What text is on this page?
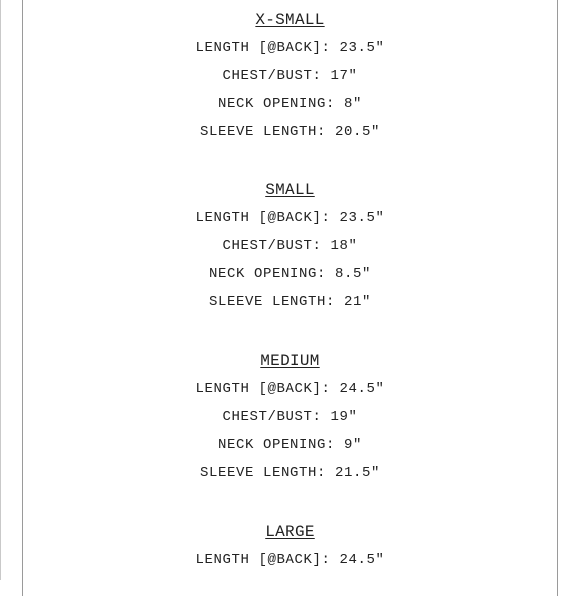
X-SMALL
LENGTH [@BACK]: 23.5"
CHEST/BUST: 17"
NECK OPENING: 8"
SLEEVE LENGTH: 20.5"
SMALL
LENGTH [@BACK]: 23.5"
CHEST/BUST: 18"
NECK OPENING: 8.5"
SLEEVE LENGTH: 21"
MEDIUM
LENGTH [@BACK]: 24.5"
CHEST/BUST: 19"
NECK OPENING: 9"
SLEEVE LENGTH: 21.5"
LARGE
LENGTH [@BACK]: 24.5"
